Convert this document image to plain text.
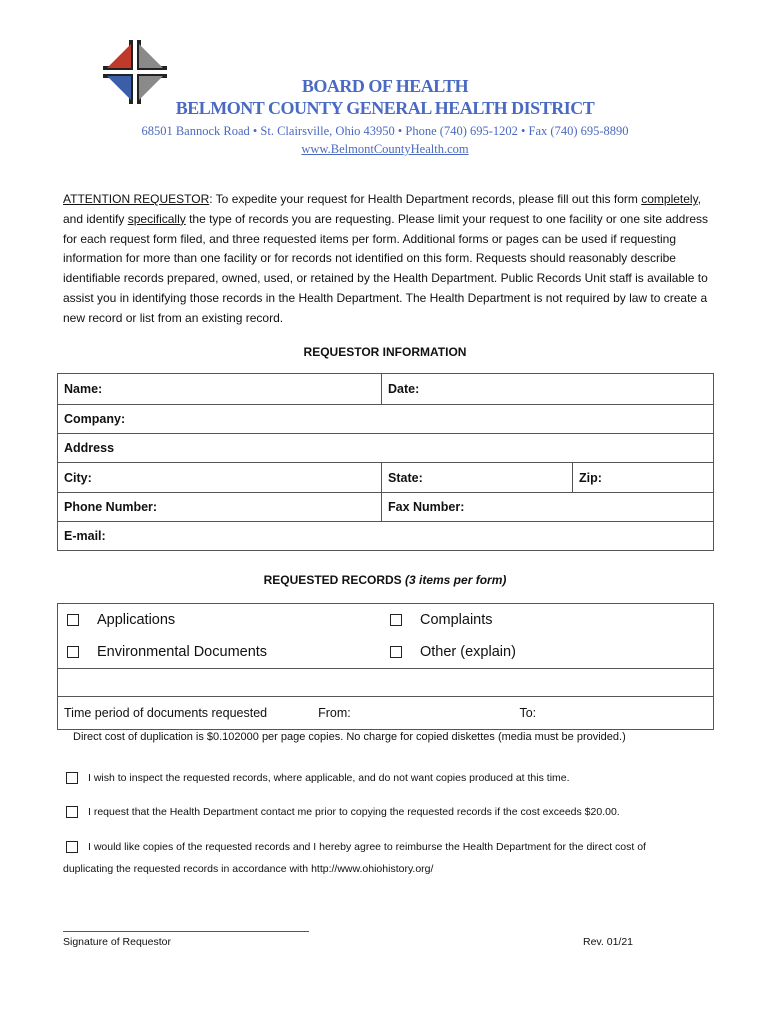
BOARD OF HEALTH
BELMONT COUNTY GENERAL HEALTH DISTRICT
68501 Bannock Road • St. Clairsville, Ohio 43950 • Phone (740) 695-1202 • Fax (740) 695-8890
www.BelmontCountyHealth.com
ATTENTION REQUESTOR: To expedite your request for Health Department records, please fill out this form completely, and identify specifically the type of records you are requesting. Please limit your request to one facility or one site address for each request form filed, and three requested items per form. Additional forms or pages can be used if requesting information for more than one facility or for records not identified on this form. Requests should reasonably describe identifiable records prepared, owned, used, or retained by the Health Department. Public Records Unit staff is available to assist you in identifying those records in the Health Department. The Health Department is not required by law to create a new record or list from an existing record.
REQUESTOR INFORMATION
Name:	Date:	
Company:		
Address		
City:	State:	Zip:
Phone Number:	Fax Number:	
E-mail:		
REQUESTED RECORDS (3 items per form)
Applications	Complaints
Environmental Documents	Other (explain)

Time period of documents requested From: To:	
Direct cost of duplication is $0.102000 per page copies. No charge for copied diskettes (media must be provided.)
I wish to inspect the requested records, where applicable, and do not want copies produced at this time.
I request that the Health Department contact me prior to copying the requested records if the cost exceeds $20.00.
I would like copies of the requested records and I hereby agree to reimburse the Health Department for the direct cost of
duplicating the requested records in accordance with http://www.ohiohistory.org/
Signature of Requestor	Rev. 01/21
